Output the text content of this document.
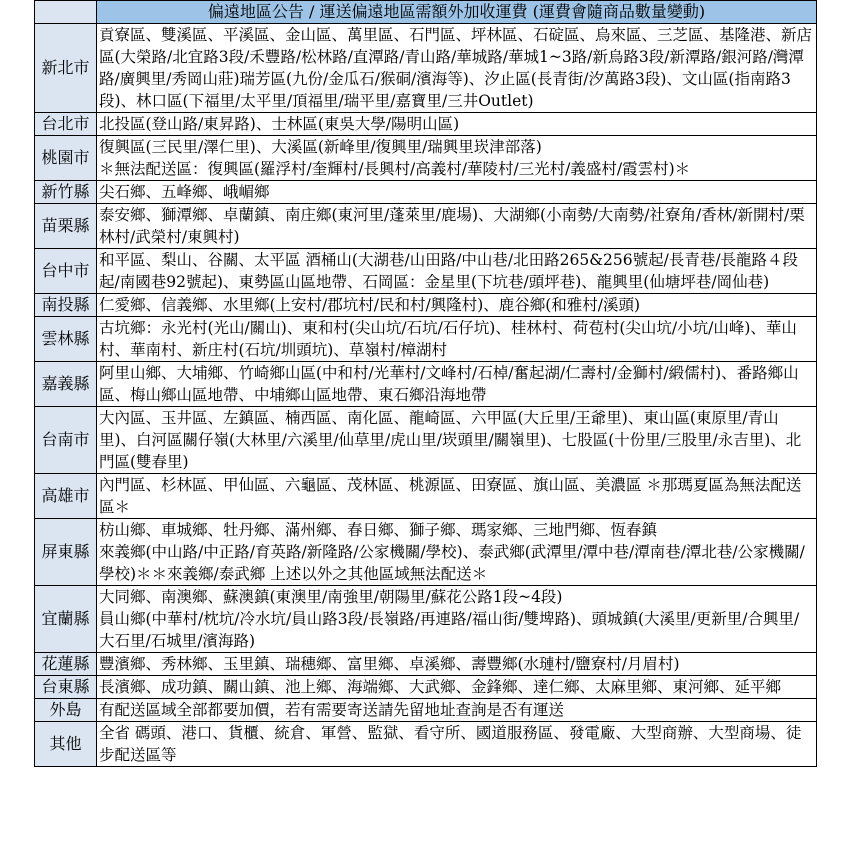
	偏遠地區公告 / 運送偏遠地區需額外加收運費 (運費會隨商品數量變動)
新北市	貢寮區、雙溪區、平溪區、金山區、萬里區、石門區、坪林區、石碇區、烏來區、三芝區、基隆港、新店區(大榮路/北宜路3段/禾豐路/松林路/直潭路/青山路/華城路/華城1~3路/新烏路3段/新潭路/銀河路/灣潭路/廣興里/秀岡山莊)瑞芳區(九份/金瓜石/猴硐/濱海等)、汐止區(長青街/汐萬路3段)、文山區(指南路3段)、林口區(下福里/太平里/頂福里/瑞平里/嘉寶里/三井Outlet)
台北市	北投區(登山路/東昇路)、士林區(東吳大學/陽明山區)
桃園市	復興區(三民里/澤仁里)、大溪區(新峰里/復興里/瑞興里崁津部落)
＊無法配送區：復興區(羅浮村/奎輝村/長興村/高義村/華陵村/三光村/義盛村/霞雲村)＊
新竹縣	尖石鄉、五峰鄉、峨嵋鄉
苗栗縣	泰安鄉、獅潭鄉、卓蘭鎮、南庄鄉(東河里/蓬萊里/鹿場)、大湖鄉(小南勢/大南勢/社寮角/香林/新開村/栗林村/武榮村/東興村)
台中市	和平區、梨山、谷關、太平區 酒桶山(大湖巷/山田路/中山巷/北田路265&256號起/長青巷/長龍路４段起/南國巷92號起)、東勢區山區地帶、石岡區：金星里(下坑巷/頭坪巷)、龍興里(仙塘坪巷/岡仙巷)
南投縣	仁愛鄉、信義鄉、水里鄉(上安村/郡坑村/民和村/興隆村)、鹿谷鄉(和雅村/溪頭)
雲林縣	古坑鄉：永光村(光山/關山)、東和村(尖山坑/石坑/石仔坑)、桂林村、荷苞村(尖山坑/小坑/山峰)、華山村、華南村、新庄村(石坑/圳頭坑)、草嶺村/樟湖村
嘉義縣	阿里山鄉、大埔鄉、竹崎鄉山區(中和村/光華村/文峰村/石棹/奮起湖/仁壽村/金獅村/緞儒村)、番路鄉山區、梅山鄉山區地帶、中埔鄉山區地帶、東石鄉沿海地帶
台南市	大內區、玉井區、左鎮區、楠西區、南化區、龍崎區、六甲區(大丘里/王爺里)、東山區(東原里/青山里)、白河區關仔嶺(大林里/六溪里/仙草里/虎山里/崁頭里/關嶺里)、七股區(十份里/三股里/永吉里)、北門區(雙春里)
高雄市	內門區、杉林區、甲仙區、六龜區、茂林區、桃源區、田寮區、旗山區、美濃區 ＊那瑪夏區為無法配送區＊
屏東縣	枋山鄉、車城鄉、牡丹鄉、滿州鄉、春日鄉、獅子鄉、瑪家鄉、三地門鄉、恆春鎮
來義鄉(中山路/中正路/育英路/新隆路/公家機關/學校)、泰武鄉(武潭里/潭中巷/潭南巷/潭北巷/公家機關/學校)＊＊來義鄉/泰武鄉 上述以外之其他區域無法配送＊
宜蘭縣	大同鄉、南澳鄉、蘇澳鎮(東澳里/南強里/朝陽里/蘇花公路1段~4段)
員山鄉(中華村/枕坑/冷水坑/員山路3段/長嶺路/再連路/福山街/雙埤路)、頭城鎮(大溪里/更新里/合興里/大石里/石城里/濱海路)
花蓮縣	豐濱鄉、秀林鄉、玉里鎮、瑞穗鄉、富里鄉、卓溪鄉、壽豐鄉(水璉村/鹽寮村/月眉村)
台東縣	長濱鄉、成功鎮、關山鎮、池上鄉、海端鄉、大武鄉、金鋒鄉、達仁鄉、太麻里鄉、東河鄉、延平鄉
外島	有配送區域全部都要加價，若有需要寄送請先留地址查詢是否有運送
其他	全省 碼頭、港口、貨櫃、統倉、軍營、監獄、看守所、國道服務區、發電廠、大型商辦、大型商場、徒步配送區等
